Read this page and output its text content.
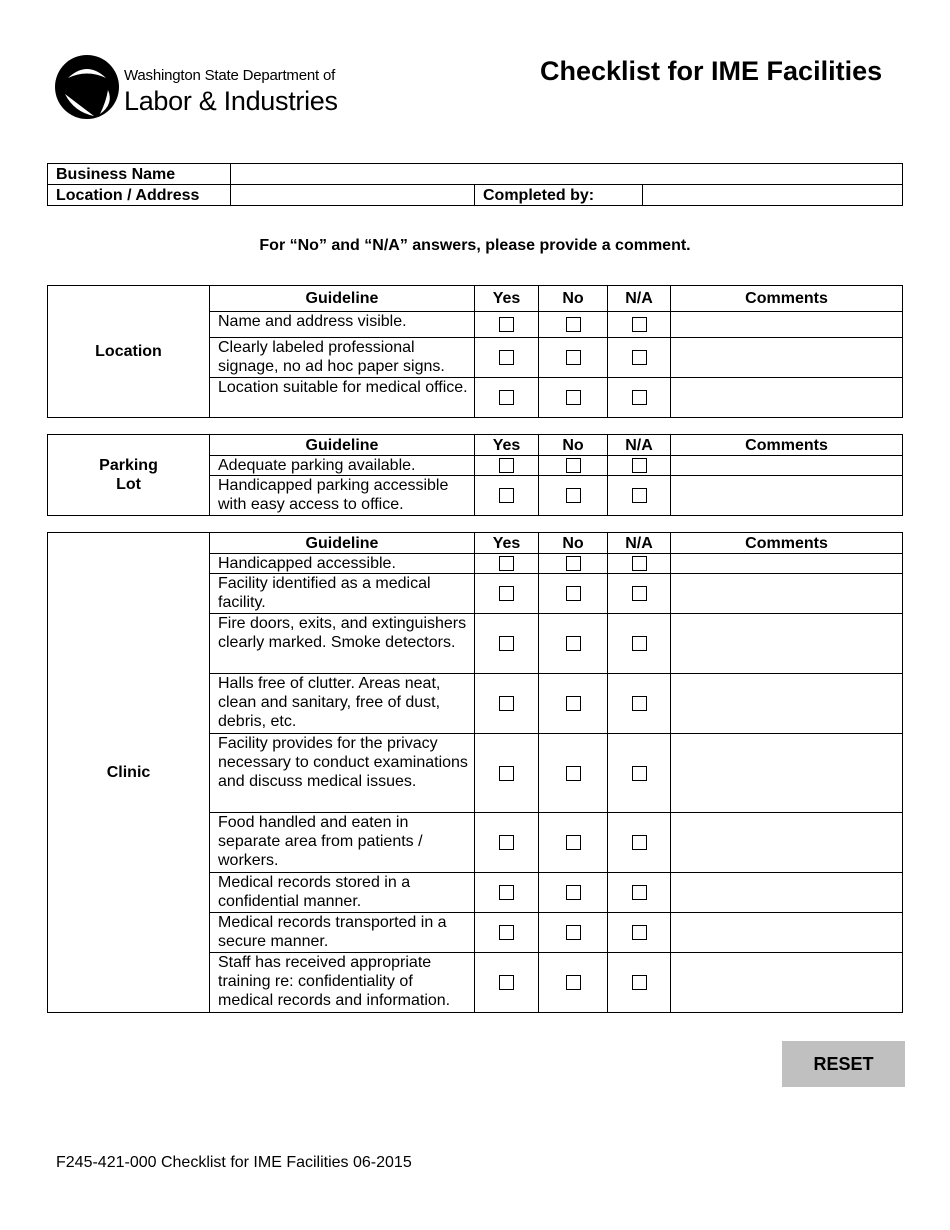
Washington State Department of
Labor & Industries
Checklist for IME Facilities
Business Name			
Location / Address		Completed by:	
For “No” and “N/A” answers, please provide a comment.
Location	Guideline	Yes	No	N/A	Comments
	Name and address visible.				
	Clearly labeled professional signage, no ad hoc paper signs.				
	Location suitable for medical office.				
Parking Lot	Guideline	Yes	No	N/A	Comments
	Adequate parking available.				
	Handicapped parking accessible with easy access to office.				
Clinic	Guideline	Yes	No	N/A	Comments
	Handicapped accessible.				
	Facility identified as a medical facility.				
	Fire doors, exits, and extinguishers clearly marked. Smoke detectors.				
	Halls free of clutter. Areas neat, clean and sanitary, free of dust, debris, etc.				
	Facility provides for the privacy necessary to conduct examinations and discuss medical issues.				
	Food handled and eaten in separate area from patients / workers.				
	Medical records stored in a confidential manner.				
	Medical records transported in a secure manner.				
	Staff has received appropriate training re: confidentiality of medical records and information.				
RESET
F245-421-000 Checklist for IME Facilities 06-2015
